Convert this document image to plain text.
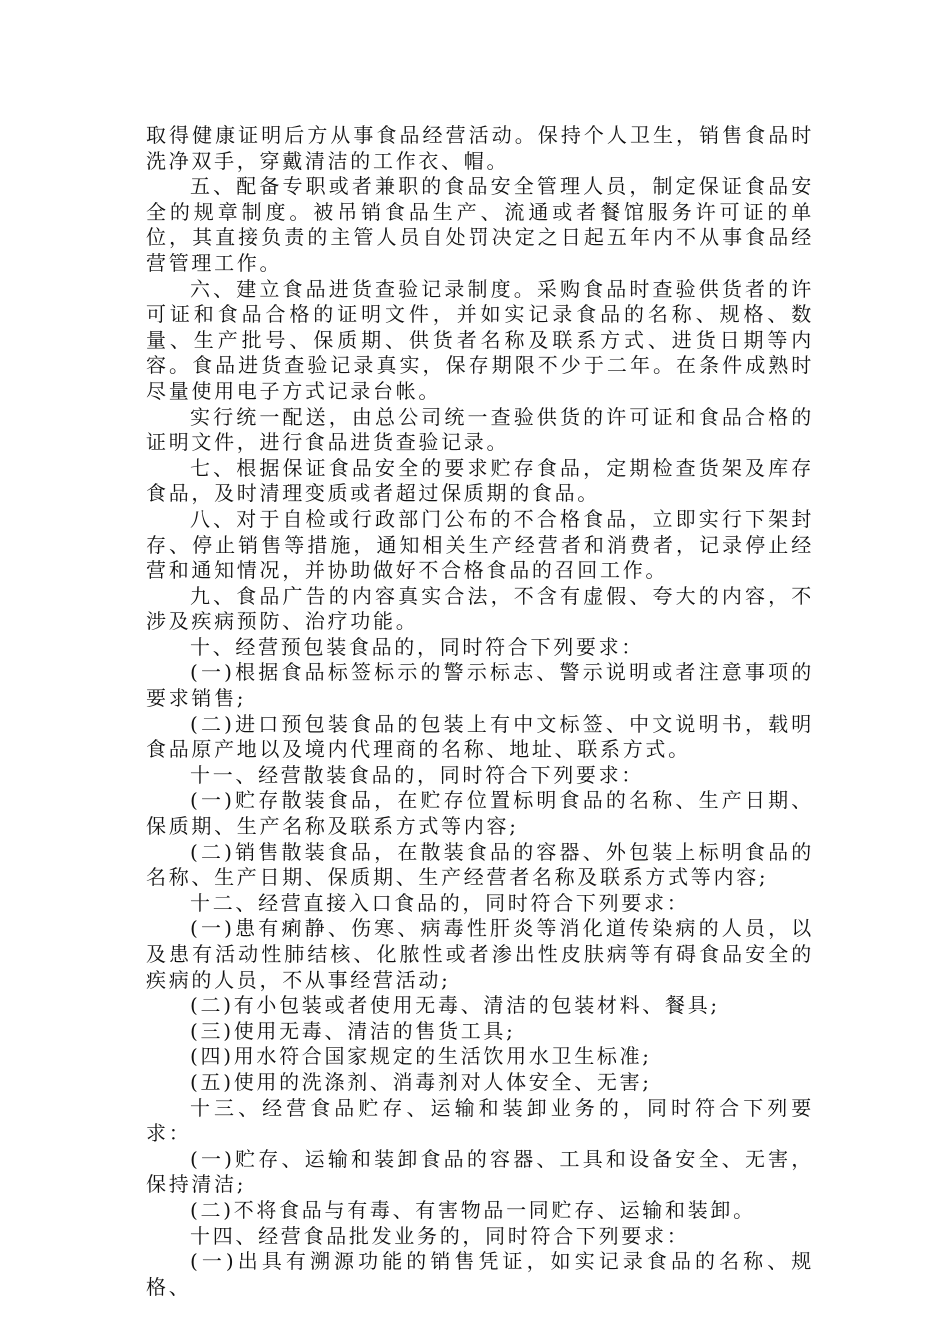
取得健康证明后方从事食品经营活动。保持个人卫生，销售食品时洗净双手，穿戴清洁的工作衣、帽。

五、配备专职或者兼职的食品安全管理人员，制定保证食品安全的规章制度。被吊销食品生产、流通或者餐馆服务许可证的单位，其直接负责的主管人员自处罚决定之日起五年内不从事食品经营管理工作。

六、建立食品进货查验记录制度。采购食品时查验供货者的许可证和食品合格的证明文件，并如实记录食品的名称、规格、数量、生产批号、保质期、供货者名称及联系方式、进货日期等内容。食品进货查验记录真实，保存期限不少于二年。在条件成熟时尽量使用电子方式记录台帐。

实行统一配送，由总公司统一查验供货的许可证和食品合格的证明文件，进行食品进货查验记录。

七、根据保证食品安全的要求贮存食品，定期检查货架及库存食品，及时清理变质或者超过保质期的食品。

八、对于自检或行政部门公布的不合格食品，立即实行下架封存、停止销售等措施，通知相关生产经营者和消费者，记录停止经营和通知情况，并协助做好不合格食品的召回工作。

九、食品广告的内容真实合法，不含有虚假、夸大的内容，不涉及疾病预防、治疗功能。

十、经营预包装食品的，同时符合下列要求：

(一)根据食品标签标示的警示标志、警示说明或者注意事项的要求销售;

(二)进口预包装食品的包装上有中文标签、中文说明书，载明食品原产地以及境内代理商的名称、地址、联系方式。

十一、经营散装食品的，同时符合下列要求：

(一)贮存散装食品，在贮存位置标明食品的名称、生产日期、保质期、生产名称及联系方式等内容;

(二)销售散装食品，在散装食品的容器、外包装上标明食品的名称、生产日期、保质期、生产经营者名称及联系方式等内容;

十二、经营直接入口食品的，同时符合下列要求：

(一)患有痢静、伤寒、病毒性肝炎等消化道传染病的人员，以及患有活动性肺结核、化脓性或者渗出性皮肤病等有碍食品安全的疾病的人员，不从事经营活动;

(二)有小包装或者使用无毒、清洁的包装材料、餐具;

(三)使用无毒、清洁的售货工具;

(四)用水符合国家规定的生活饮用水卫生标准;

(五)使用的洗涤剂、消毒剂对人体安全、无害;

十三、经营食品贮存、运输和装卸业务的，同时符合下列要求：

(一)贮存、运输和装卸食品的容器、工具和设备安全、无害，保持清洁;

(二)不将食品与有毒、有害物品一同贮存、运输和装卸。

十四、经营食品批发业务的，同时符合下列要求：

(一)出具有溯源功能的销售凭证，如实记录食品的名称、规格、
